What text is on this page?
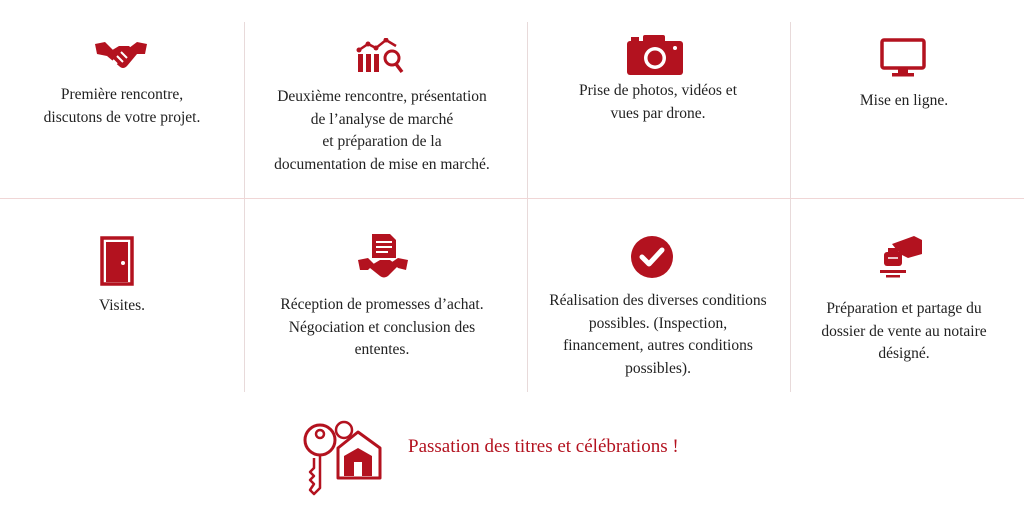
Première rencontre,
discutons de votre projet.
Deuxième rencontre, présentation
de l’analyse de marché
et préparation de la
documentation de mise en marché.
Prise de photos, vidéos et
vues par drone.
Mise en ligne.
Visites.	Réception de promesses d’achat.
Négociation et conclusion des
ententes.
Réalisation des diverses conditions
possibles. (Inspection,
financement, autres conditions
possibles).
Préparation et partage du
dossier de vente au notaire
désigné.
Passation des titres et célébrations !
